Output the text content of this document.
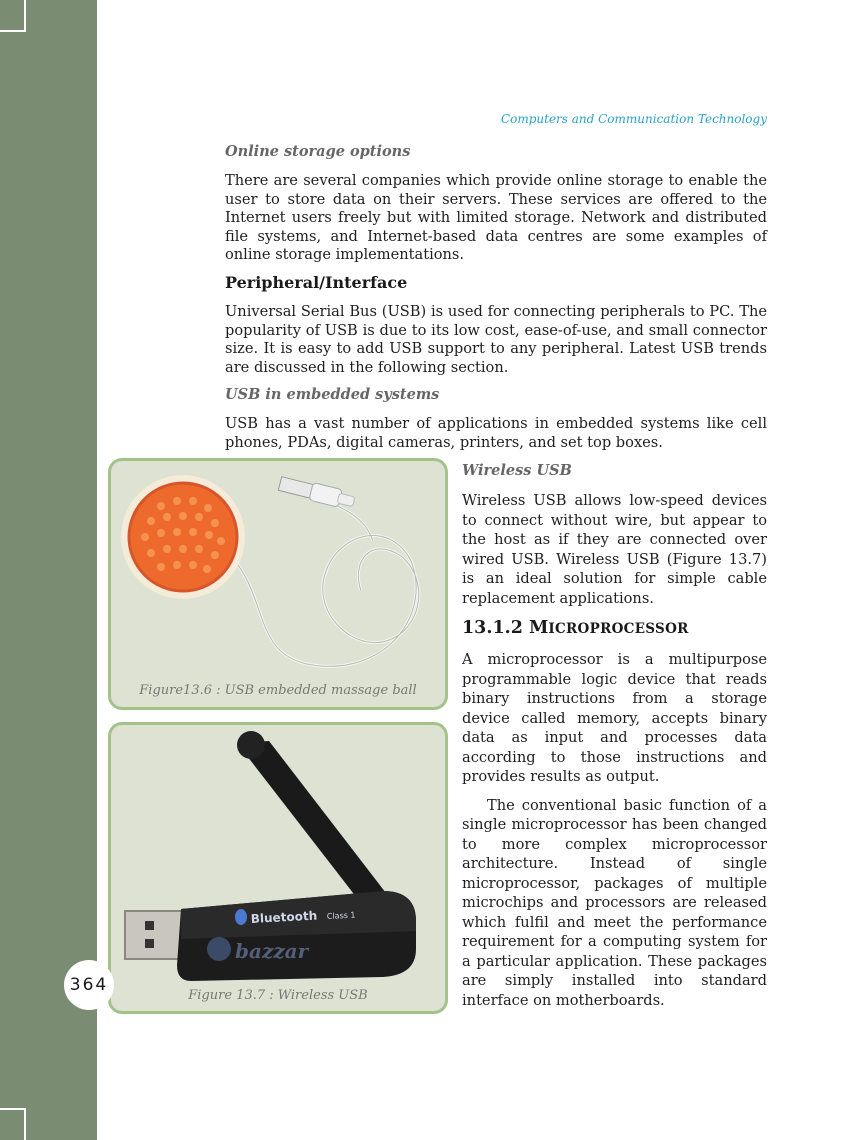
Computers and Communication Technology
Online storage options

There are several companies which provide online storage to enable the user to store data on their servers. These services are offered to the Internet users freely but with limited storage. Network and distributed file systems, and Internet-based data centres are some examples of online storage implementations.

Peripheral/Interface

Universal Serial Bus (USB) is used for connecting peripherals to PC. The popularity of USB is due to its low cost, ease-of-use, and small connector size. It is easy to add USB support to any peripheral. Latest USB trends are discussed in the following section.

USB in embedded systems

USB has a vast number of applications in embedded systems like cell phones, PDAs, digital cameras, printers, and set top boxes.

Figure13.6 : USB embedded massage ball
Bluetooth Class 1
bazzar
Figure 13.7 : Wireless USB
364
Wireless USB

Wireless USB allows low-speed devices to connect without wire, but appear to the host as if they are connected over wired USB. Wireless USB (Figure 13.7) is an ideal solution for simple cable replacement applications.

13.1.2 MICROPROCESSOR

A microprocessor is a multipurpose programmable logic device that reads binary instructions from a storage device called memory, accepts binary data as input and processes data according to those instructions and provides results as output.

The conventional basic function of a single microprocessor has been changed to more complex microprocessor architecture. Instead of single microprocessor, packages of multiple microchips and processors are released which fulfil and meet the performance requirement for a computing system for a particular application. These packages are simply installed into standard interface on motherboards.
